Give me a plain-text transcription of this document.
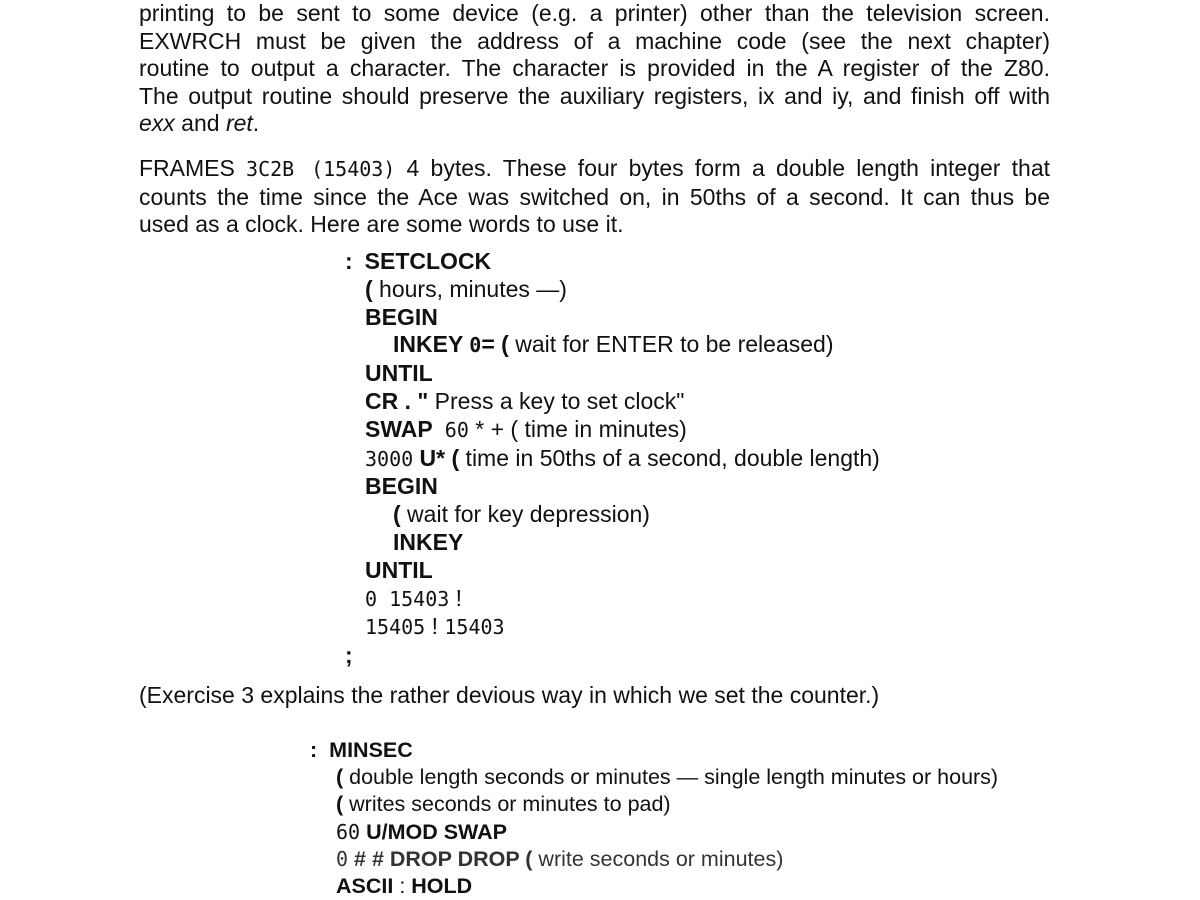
printing to be sent to some device (e.g. a printer) other than the television screen.
EXWRCH must be given the address of a machine code (see the next chapter)
routine to output a character. The character is provided in the A register of the Z80.
The output routine should preserve the auxiliary registers, ix and iy, and finish off with
exx and ret.
FRAMES 3C2B (15403) 4 bytes. These four bytes form a double length integer that
counts the time since the Ace was switched on, in 50ths of a second. It can thus be
used as a clock. Here are some words to use it.
: SETCLOCK
( hours, minutes —)
BEGIN
INKEY 0= ( wait for ENTER to be released)
UNTIL
CR . " Press a key to set clock"
SWAP 60 * + ( time in minutes)
3000 U* ( time in 50ths of a second, double length)
BEGIN
( wait for key depression)
INKEY
UNTIL
0 15403 !
15405 ! 15403
;
(Exercise 3 explains the rather devious way in which we set the counter.)
: MINSEC
( double length seconds or minutes — single length minutes or hours)
( writes seconds or minutes to pad)
60 U/MOD SWAP
0 # # DROP DROP ( write seconds or minutes)
ASCII : HOLD
